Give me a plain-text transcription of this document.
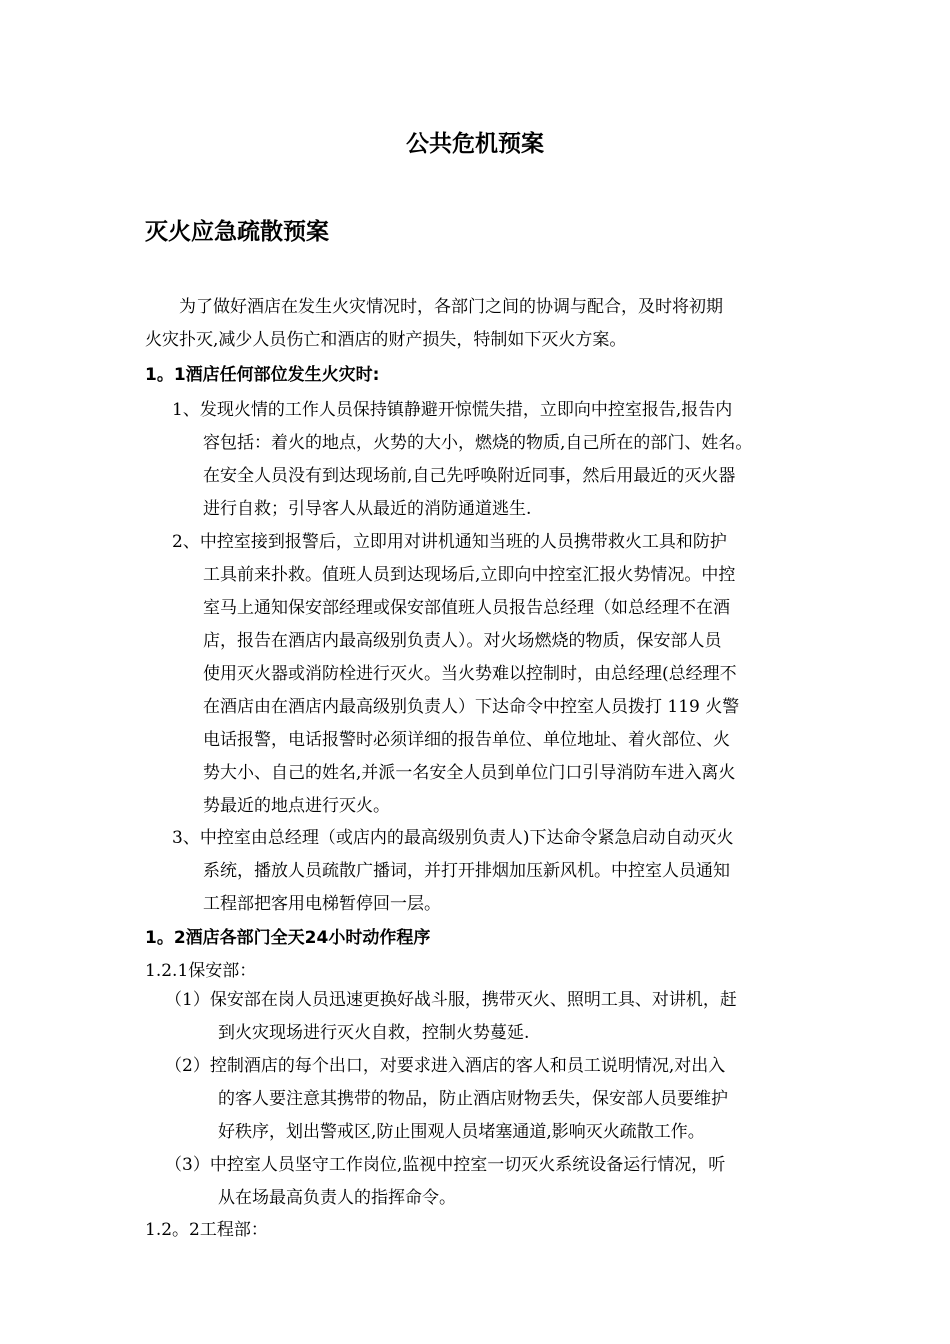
公共危机预案
灭火应急疏散预案
为了做好酒店在发生火灾情况时，各部门之间的协调与配合，及时将初期
火灾扑灭,减少人员伤亡和酒店的财产损失，特制如下灭火方案。
1。1酒店任何部位发生火灾时:
1、发现火情的工作人员保持镇静避开惊慌失措，立即向中控室报告,报告内
容包括：着火的地点，火势的大小，燃烧的物质,自己所在的部门、姓名。
在安全人员没有到达现场前,自己先呼唤附近同事，然后用最近的灭火器
进行自救；引导客人从最近的消防通道逃生.
2、中控室接到报警后，立即用对讲机通知当班的人员携带救火工具和防护
工具前来扑救。值班人员到达现场后,立即向中控室汇报火势情况。中控
室马上通知保安部经理或保安部值班人员报告总经理（如总经理不在酒
店，报告在酒店内最高级别负责人）。对火场燃烧的物质，保安部人员
使用灭火器或消防栓进行灭火。当火势难以控制时，由总经理(总经理不
在酒店由在酒店内最高级别负责人）下达命令中控室人员拨打 119 火警
电话报警，电话报警时必须详细的报告单位、单位地址、着火部位、火
势大小、自己的姓名,并派一名安全人员到单位门口引导消防车进入离火
势最近的地点进行灭火。
3、中控室由总经理（或店内的最高级别负责人)下达命令紧急启动自动灭火
系统，播放人员疏散广播词，并打开排烟加压新风机。中控室人员通知
工程部把客用电梯暂停回一层。
1。2酒店各部门全天24小时动作程序
1.2.1保安部：
（1）保安部在岗人员迅速更换好战斗服，携带灭火、照明工具、对讲机，赶
到火灾现场进行灭火自救，控制火势蔓延.
（2）控制酒店的每个出口，对要求进入酒店的客人和员工说明情况,对出入
的客人要注意其携带的物品，防止酒店财物丢失，保安部人员要维护
好秩序，划出警戒区,防止围观人员堵塞通道,影响灭火疏散工作。
（3）中控室人员坚守工作岗位,监视中控室一切灭火系统设备运行情况，听
从在场最高负责人的指挥命令。
1.2。2工程部：
